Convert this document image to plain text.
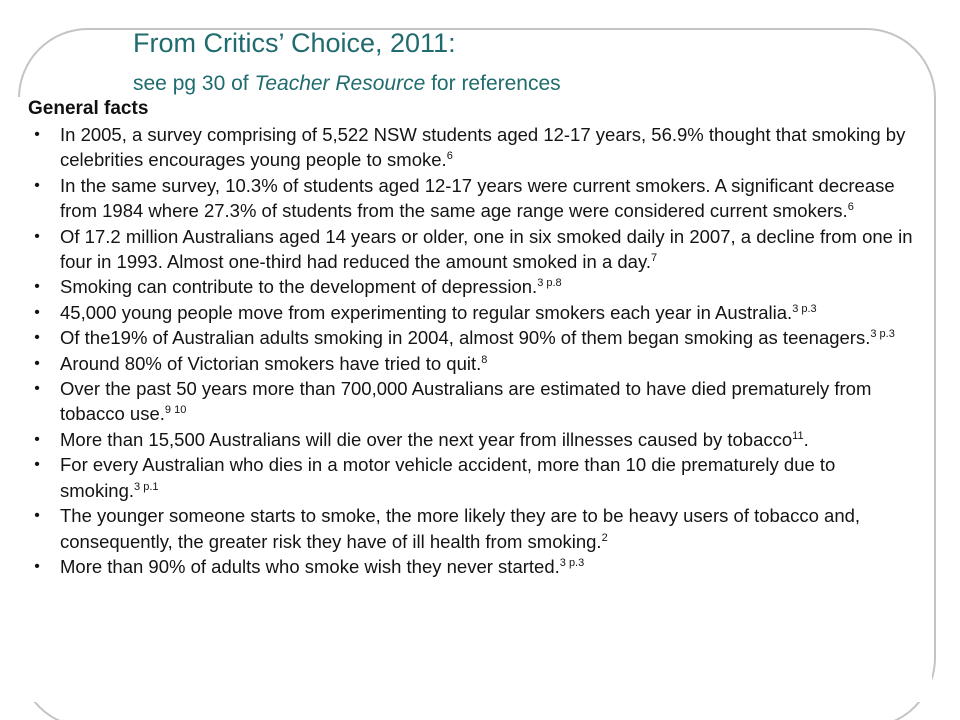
From Critics’ Choice, 2011:

see pg 30 of Teacher Resource for references

General facts
• In 2005, a survey comprising of 5,522 NSW students aged 12-17 years, 56.9% thought that smoking by celebrities encourages young people to smoke.$^6$
• In the same survey, 10.3% of students aged 12-17 years were current smokers. A significant decrease from 1984 where 27.3% of students from the same age range were considered current smokers.$^6$
• Of 17.2 million Australians aged 14 years or older, one in six smoked daily in 2007, a decline from one in four in 1993. Almost one-third had reduced the amount smoked in a day.$^7$
• Smoking can contribute to the development of depression.$^{3 p.8}$
• 45,000 young people move from experimenting to regular smokers each year in Australia.$^{3 p.3}$
• Of the19% of Australian adults smoking in 2004, almost 90% of them began smoking as teenagers.$^{3 p.3}$
• Around 80% of Victorian smokers have tried to quit.$^8$
• Over the past 50 years more than 700,000 Australians are estimated to have died prematurely from tobacco use.$^{9 10}$
• More than 15,500 Australians will die over the next year from illnesses caused by tobacco$^{11}$.
• For every Australian who dies in a motor vehicle accident, more than 10 die prematurely due to smoking.$^{3 p.1}$
• The younger someone starts to smoke, the more likely they are to be heavy users of tobacco and, consequently, the greater risk they have of ill health from smoking.$^2$
• More than 90% of adults who smoke wish they never started.$^{3 p.3}$
